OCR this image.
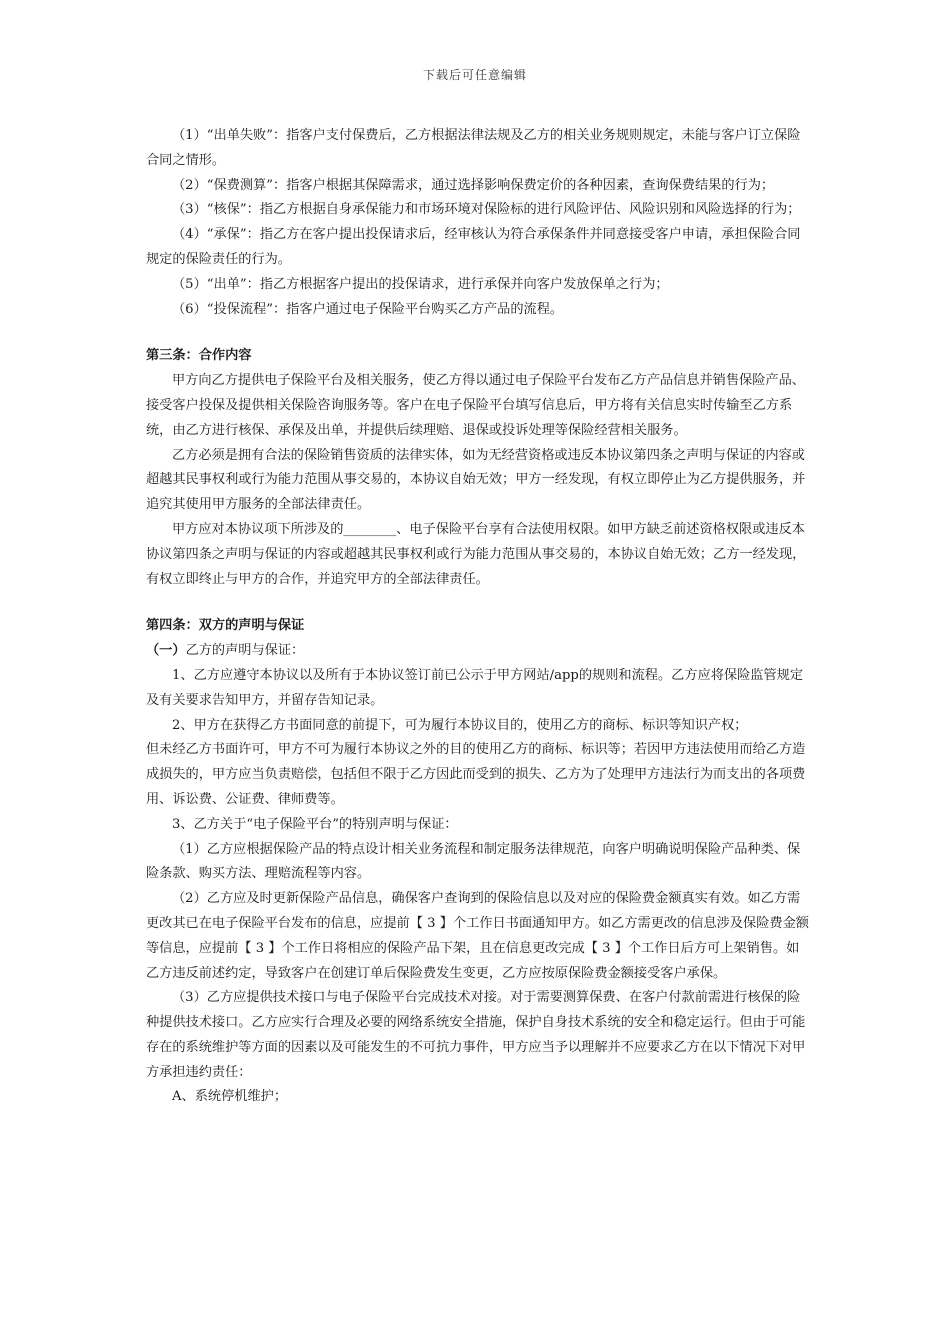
下载后可任意编辑

（1）“出单失败”：指客户支付保费后，乙方根据法律法规及乙方的相关业务规则规定，未能与客户订立保险合同之情形。

（2）“保费测算”：指客户根据其保障需求，通过选择影响保费定价的各种因素，查询保费结果的行为；

（3）“核保”：指乙方根据自身承保能力和市场环境对保险标的进行风险评估、风险识别和风险选择的行为；

（4）“承保”：指乙方在客户提出投保请求后，经审核认为符合承保条件并同意接受客户申请，承担保险合同规定的保险责任的行为。

（5）“出单”：指乙方根据客户提出的投保请求，进行承保并向客户发放保单之行为；

（6）“投保流程”：指客户通过电子保险平台购买乙方产品的流程。

第三条：合作内容

甲方向乙方提供电子保险平台及相关服务，使乙方得以通过电子保险平台发布乙方产品信息并销售保险产品、接受客户投保及提供相关保险咨询服务等。客户在电子保险平台填写信息后，甲方将有关信息实时传输至乙方系统，由乙方进行核保、承保及出单，并提供后续理赔、退保或投诉处理等保险经营相关服务。

乙方必须是拥有合法的保险销售资质的法律实体，如为无经营资格或违反本协议第四条之声明与保证的内容或超越其民事权利或行为能力范围从事交易的，本协议自始无效；甲方一经发现，有权立即停止为乙方提供服务，并追究其使用甲方服务的全部法律责任。

甲方应对本协议项下所涉及的________、电子保险平台享有合法使用权限。如甲方缺乏前述资格权限或违反本协议第四条之声明与保证的内容或超越其民事权利或行为能力范围从事交易的，本协议自始无效；乙方一经发现，有权立即终止与甲方的合作，并追究甲方的全部法律责任。

第四条：双方的声明与保证

（一）乙方的声明与保证：

1、乙方应遵守本协议以及所有于本协议签订前已公示于甲方网站/app的规则和流程。乙方应将保险监管规定及有关要求告知甲方，并留存告知记录。

2、甲方在获得乙方书面同意的前提下，可为履行本协议目的，使用乙方的商标、标识等知识产权；

但未经乙方书面许可，甲方不可为履行本协议之外的目的使用乙方的商标、标识等；若因甲方违法使用而给乙方造成损失的，甲方应当负责赔偿，包括但不限于乙方因此而受到的损失、乙方为了处理甲方违法行为而支出的各项费用、诉讼费、公证费、律师费等。

3、乙方关于“电子保险平台”的特别声明与保证：

（1）乙方应根据保险产品的特点设计相关业务流程和制定服务法律规范，向客户明确说明保险产品种类、保险条款、购买方法、理赔流程等内容。

（2）乙方应及时更新保险产品信息，确保客户查询到的保险信息以及对应的保险费金额真实有效。如乙方需更改其已在电子保险平台发布的信息，应提前【 3 】个工作日书面通知甲方。如乙方需更改的信息涉及保险费金额等信息，应提前【 3 】个工作日将相应的保险产品下架，且在信息更改完成【 3 】个工作日后方可上架销售。如乙方违反前述约定，导致客户在创建订单后保险费发生变更，乙方应按原保险费金额接受客户承保。

（3）乙方应提供技术接口与电子保险平台完成技术对接。对于需要测算保费、在客户付款前需进行核保的险种提供技术接口。乙方应实行合理及必要的网络系统安全措施，保护自身技术系统的安全和稳定运行。但由于可能存在的系统维护等方面的因素以及可能发生的不可抗力事件，甲方应当予以理解并不应要求乙方在以下情况下对甲方承担违约责任：

A、系统停机维护；
